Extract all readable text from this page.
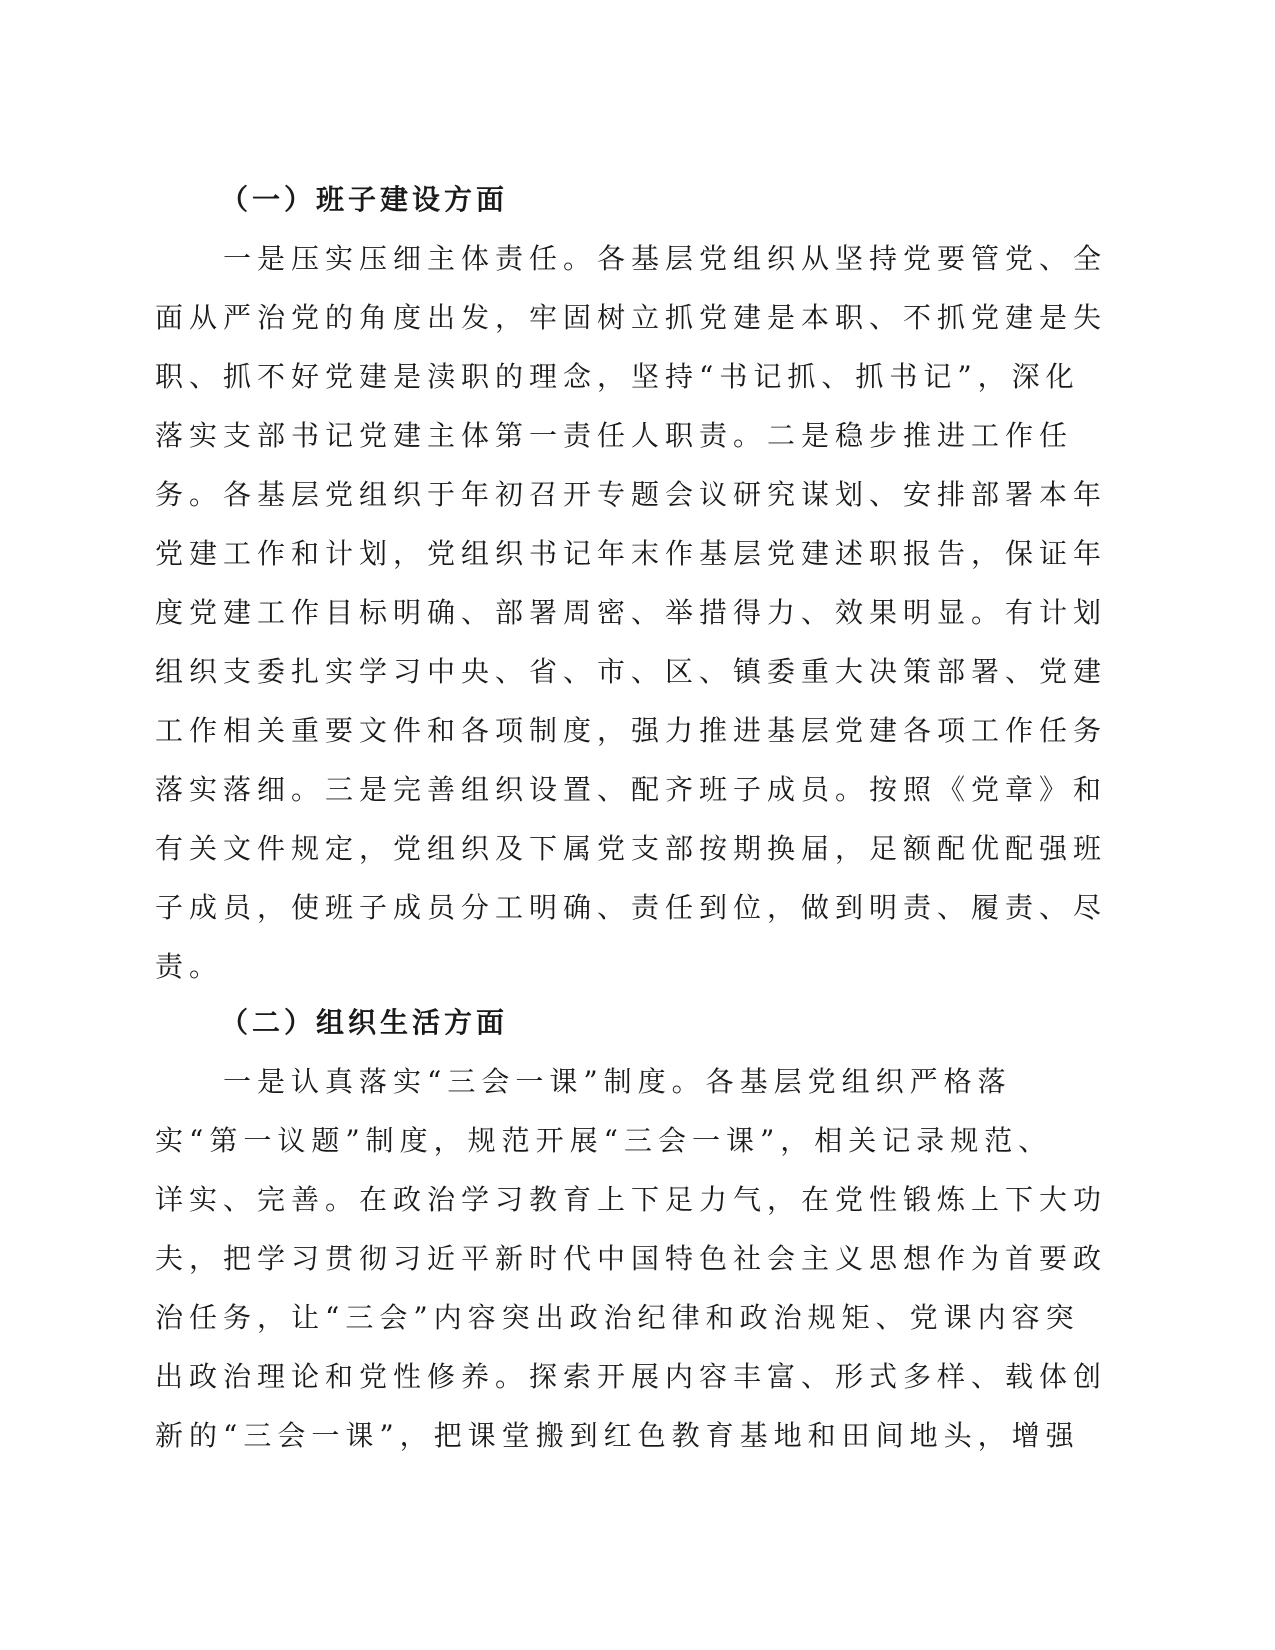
（一）班子建设方面
　　一是压实压细主体责任。各基层党组织从坚持党要管党、全
面从严治党的角度出发，牢固树立抓党建是本职、不抓党建是失
职、抓不好党建是渎职的理念，坚持“书记抓、抓书记”，深化
落实支部书记党建主体第一责任人职责。二是稳步推进工作任
务。各基层党组织于年初召开专题会议研究谋划、安排部署本年
党建工作和计划，党组织书记年末作基层党建述职报告，保证年
度党建工作目标明确、部署周密、举措得力、效果明显。有计划
组织支委扎实学习中央、省、市、区、镇委重大决策部署、党建
工作相关重要文件和各项制度，强力推进基层党建各项工作任务
落实落细。三是完善组织设置、配齐班子成员。按照《党章》和
有关文件规定，党组织及下属党支部按期换届，足额配优配强班
子成员，使班子成员分工明确、责任到位，做到明责、履责、尽
责。
（二）组织生活方面
　　一是认真落实“三会一课”制度。各基层党组织严格落
实“第一议题”制度，规范开展“三会一课”，相关记录规范、
详实、完善。在政治学习教育上下足力气，在党性锻炼上下大功
夫，把学习贯彻习近平新时代中国特色社会主义思想作为首要政
治任务，让“三会”内容突出政治纪律和政治规矩、党课内容突
出政治理论和党性修养。探索开展内容丰富、形式多样、载体创
新的“三会一课”，把课堂搬到红色教育基地和田间地头，增强
